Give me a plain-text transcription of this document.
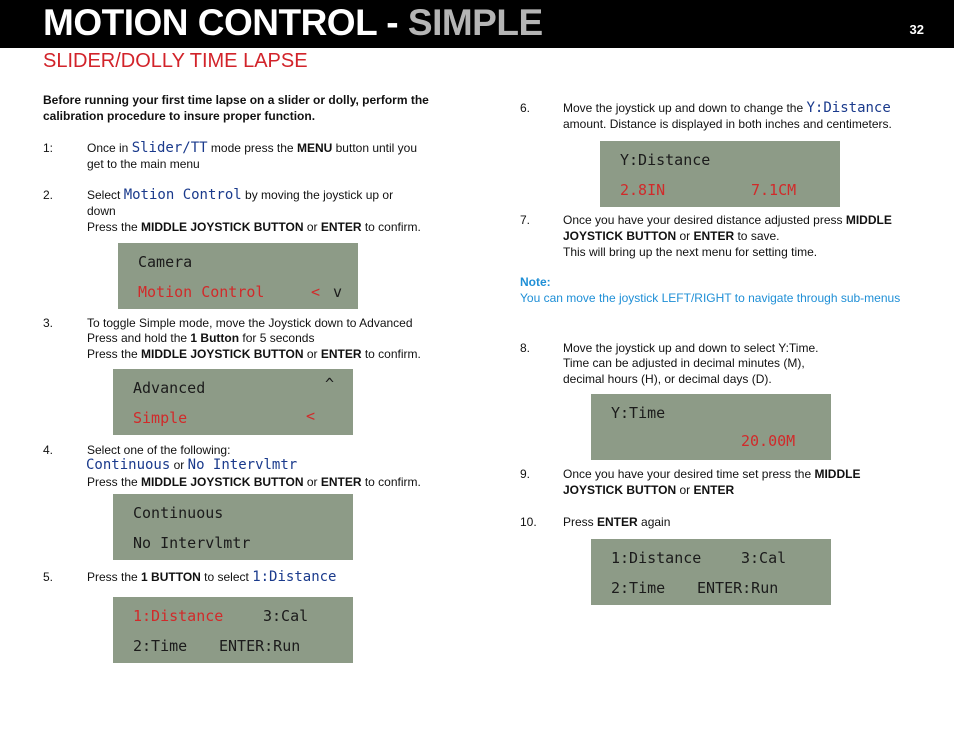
MOTION CONTROL - SIMPLE	32
SLIDER/DOLLY TIME LAPSE
Before running your first time lapse on a slider or dolly, perform the
calibration procedure to insure proper function.
1:	Once in Slider/TT mode press the MENU button until you
get to the main menu
2.	Select Motion Control by moving the joystick up or
down
Press the MIDDLE JOYSTICK BUTTON or ENTER to confirm.
Camera
Motion Control	< v
3.	To toggle Simple mode, move the Joystick down to Advanced
Press and hold the 1 Button for 5 seconds
Press the MIDDLE JOYSTICK BUTTON or ENTER to confirm.
Advanced	^
Simple	<
4.	Select one of the following:
Continuous or No Intervlmtr
Press the MIDDLE JOYSTICK BUTTON or ENTER to confirm.
Continuous
No Intervlmtr
5.	Press the 1 BUTTON to select 1:Distance
1:Distance	3:Cal
2:Time ENTER:Run
6.	Move the joystick up and down to change the Y:Distance
amount. Distance is displayed in both inches and centimeters.
Y:Distance
2.8IN	7.1CM
7.	Once you have your desired distance adjusted press MIDDLE
JOYSTICK BUTTON or ENTER to save.
This will bring up the next menu for setting time.
Note:
You can move the joystick LEFT/RIGHT to navigate through sub-menus
8.	Move the joystick up and down to select Y:Time.
Time can be adjusted in decimal minutes (M),
decimal hours (H), or decimal days (D).
Y:Time
20.00M
9.	Once you have your desired time set press the MIDDLE
JOYSTICK BUTTON or ENTER
10. Press ENTER again
1:Distance	3:Cal
2:Time ENTER:Run
